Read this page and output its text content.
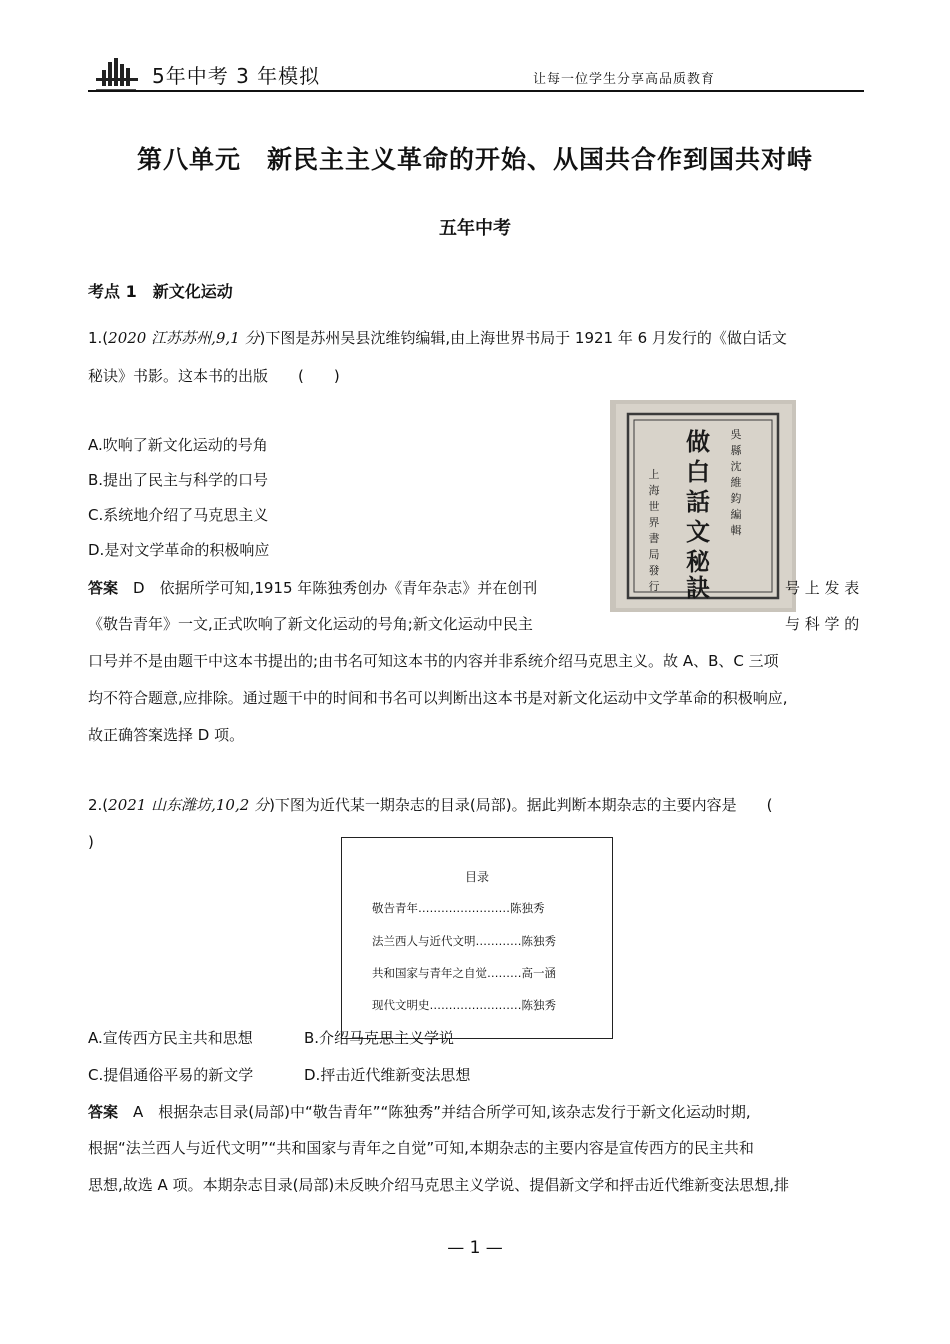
5年中考 3 年模拟	让每一位学生分享高品质教育
第八单元　新民主主义革命的开始、从国共合作到国共对峙
五年中考
考点 1　新文化运动
1.(2020 江苏苏州,9,1 分)下图是苏州吴县沈维钧编辑,由上海世界书局于 1921 年 6 月发行的《做白话文
秘诀》书影。这本书的出版　　(　　)
A.吹响了新文化运动的号角
B.提出了民主与科学的口号
C.系统地介绍了马克思主义
D.是对文学革命的积极响应
做
白
話
文
秘
訣
吳
縣
沈
維
鈞
編
輯
上
海
世
界
書
局
發
行
答案　 D　依据所学可知,1915 年陈独秀创办《青年杂志》并在创刊	号 上 发 表
《敬告青年》一文,正式吹响了新文化运动的号角;新文化运动中民主	与 科 学 的
口号并不是由题干中这本书提出的;由书名可知这本书的内容并非系统介绍马克思主义。故 A、B、C 三项
均不符合题意,应排除。通过题干中的时间和书名可以判断出这本书是对新文化运动中文学革命的积极响应,
故正确答案选择 D 项。
2.(2021 山东潍坊,10,2 分)下图为近代某一期杂志的目录(局部)。据此判断本期杂志的主要内容是　　(
)
目录
敬告青年……………………陈独秀
法兰西人与近代文明…………陈独秀
共和国家与青年之自觉………高一涵
现代文明史……………………陈独秀
A.宣传西方民主共和思想	B.介绍马克思主义学说
C.提倡通俗平易的新文学	D.抨击近代维新变法思想
答案　 A　根据杂志目录(局部)中“敬告青年”“陈独秀”并结合所学可知,该杂志发行于新文化运动时期,
根据“法兰西人与近代文明”“共和国家与青年之自觉”可知,本期杂志的主要内容是宣传西方的民主共和
思想,故选 A 项。本期杂志目录(局部)未反映介绍马克思主义学说、提倡新文学和抨击近代维新变法思想,排
— 1 —
